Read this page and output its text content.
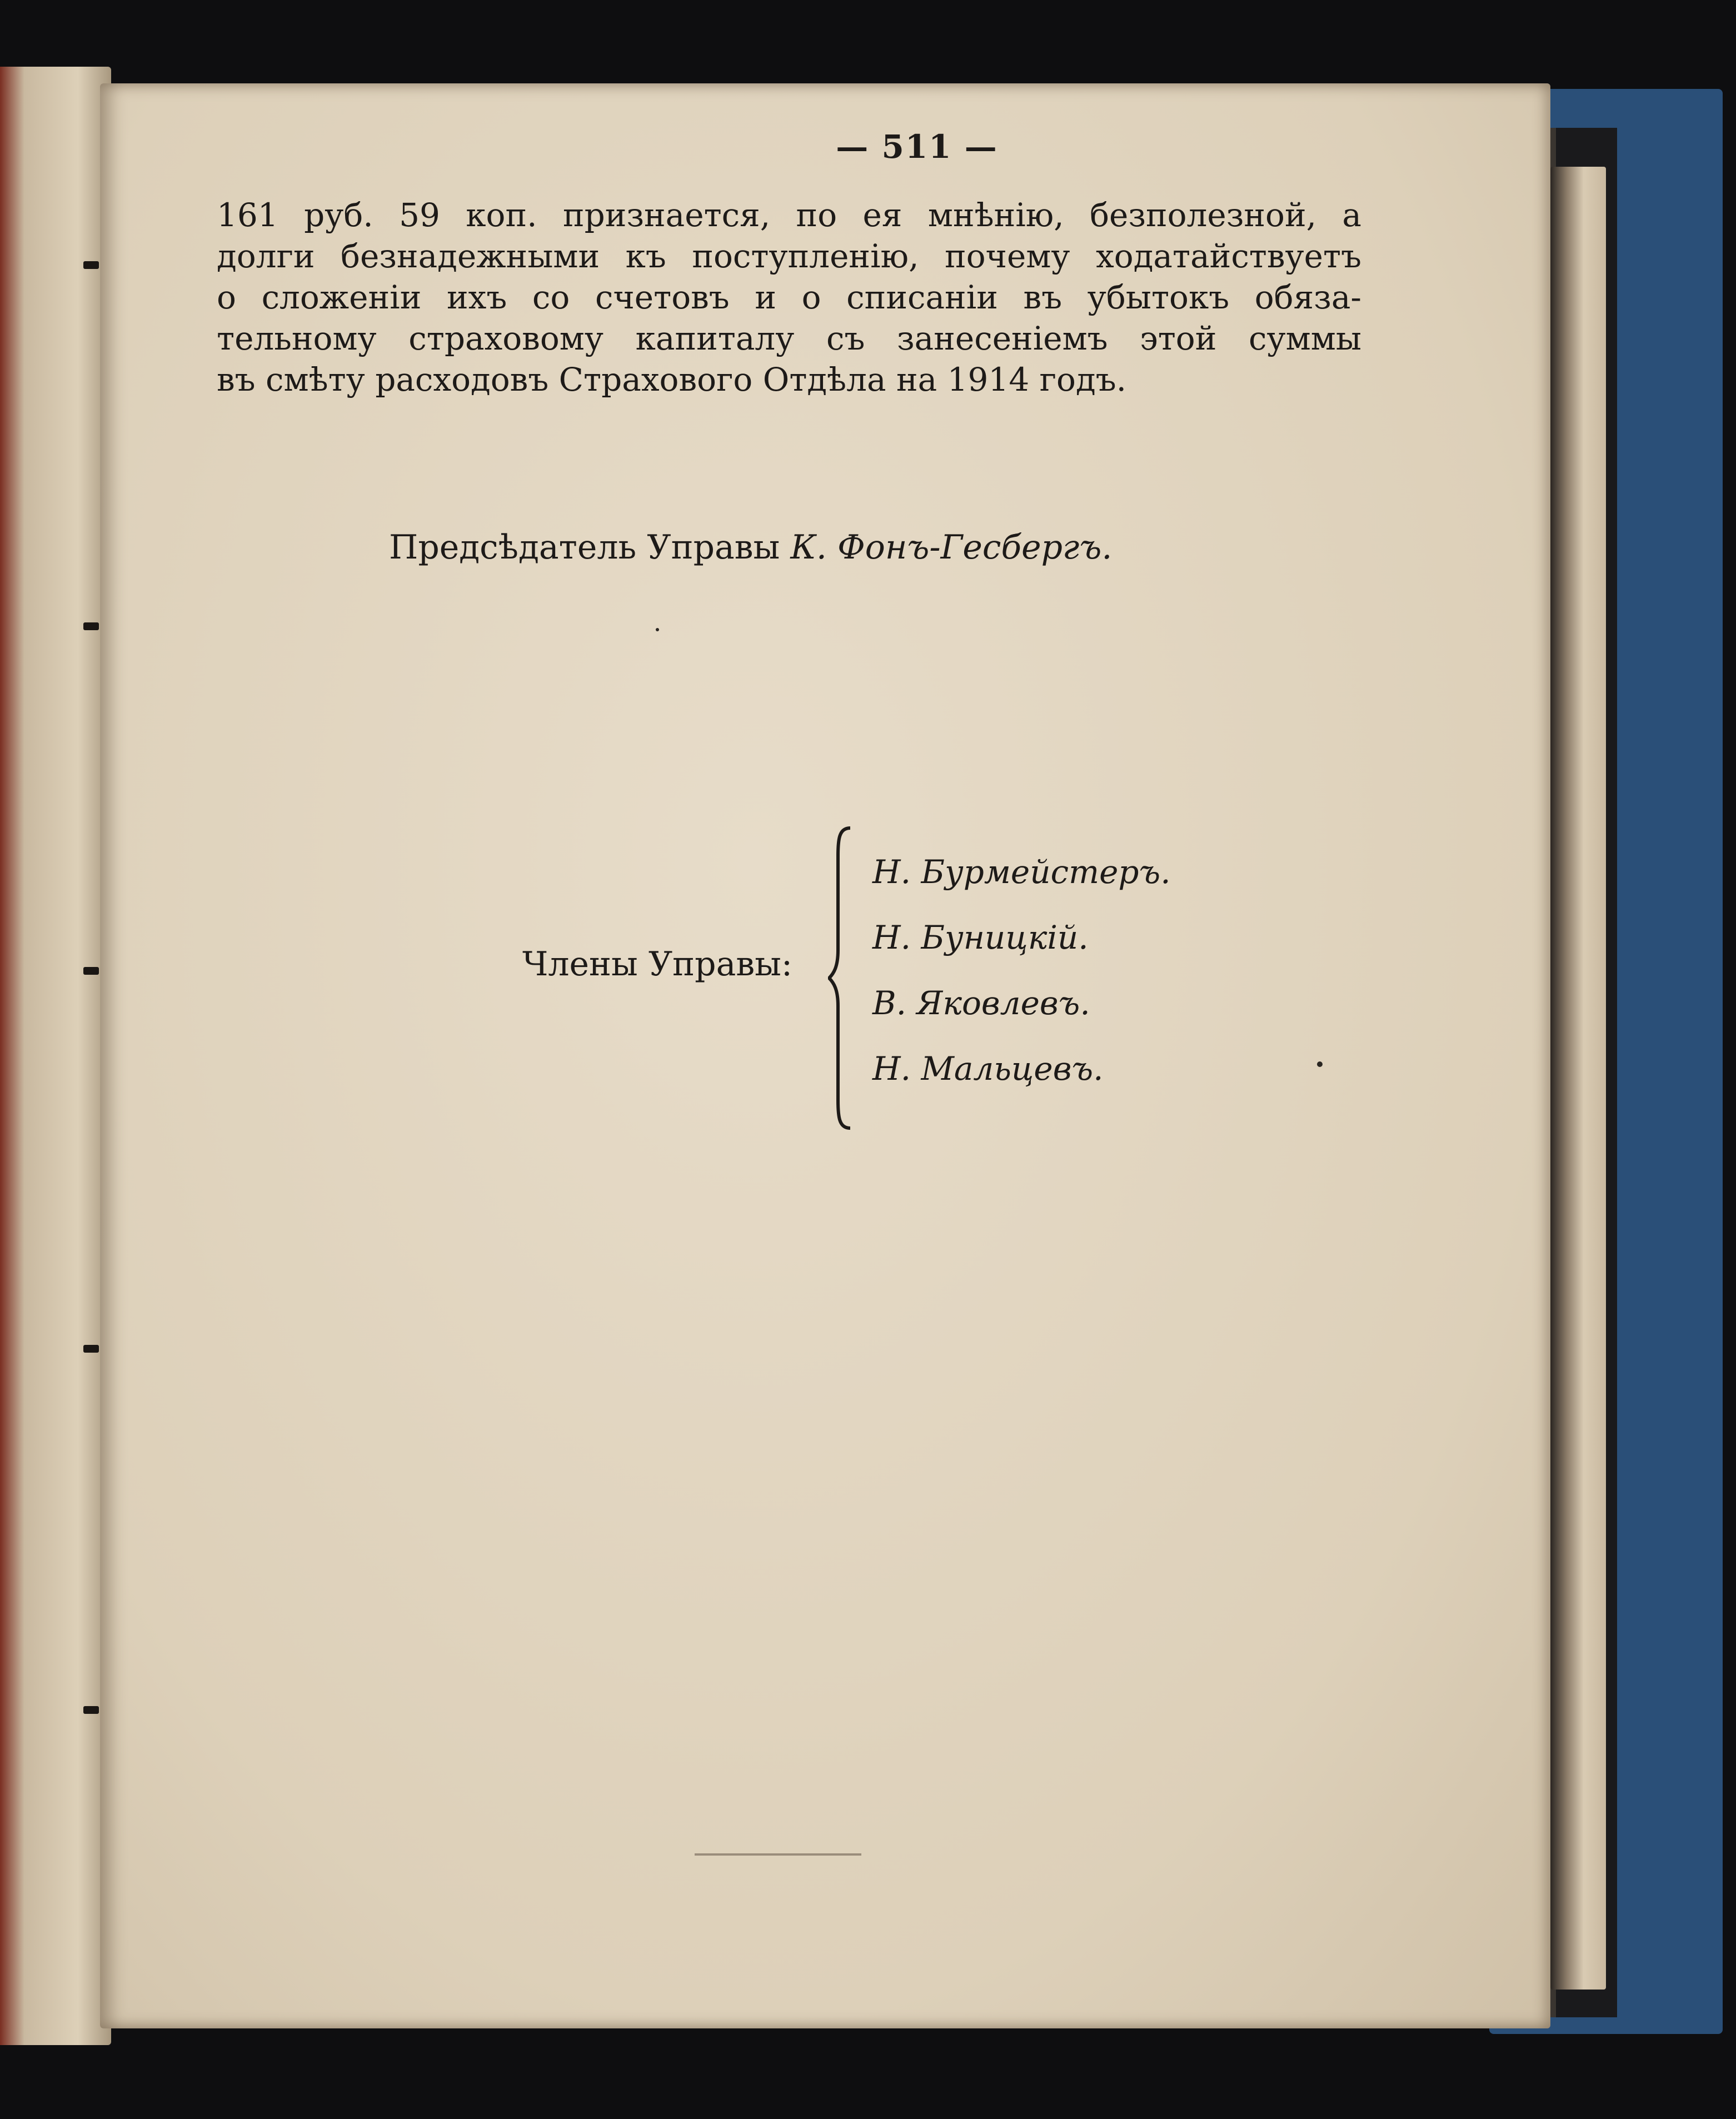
— 511 —
161 руб. 59 коп. признается, по ея мнѣнію, безполезной, а
долги безнадежными къ поступленію, почему ходатайствуетъ
о сложеніи ихъ со счетовъ и о списаніи въ убытокъ обяза-
тельному страховому капиталу съ занесеніемъ этой суммы
въ смѣту расходовъ Страхового Отдѣла на 1914 годъ.
Предсѣдатель Управы К. Фонъ-Гесбергъ.
Члены Управы:
Н. Бурмейстеръ.
Н. Буницкій.
В. Яковлевъ.
Н. Мальцевъ.
